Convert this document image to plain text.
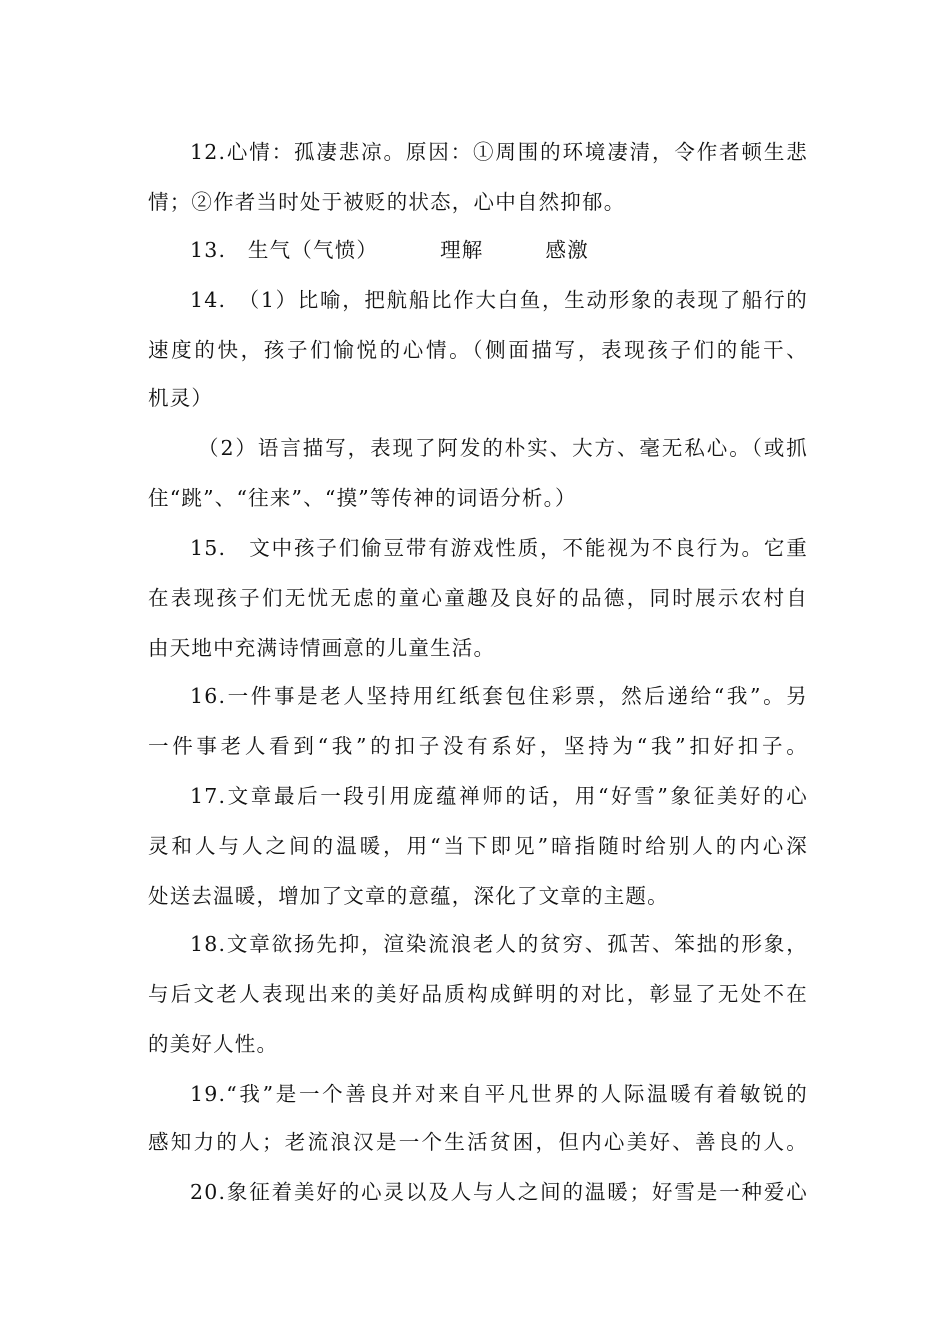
12.心情：孤凄悲凉。原因：①周围的环境凄清，令作者顿生悲
情；②作者当时处于被贬的状态，心中自然抑郁。
13.　生气（气愤）	理解	感激
14.　（1）比喻，把航船比作大白鱼，生动形象的表现了船行的
速度的快，孩子们愉悦的心情。（侧面描写，表现孩子们的能干、
机灵）
（2）语言描写，表现了阿发的朴实、大方、毫无私心。（或抓
住“跳”、“往来”、“摸”等传神的词语分析。）
15.　文中孩子们偷豆带有游戏性质，不能视为不良行为。它重
在表现孩子们无忧无虑的童心童趣及良好的品德，同时展示农村自
由天地中充满诗情画意的儿童生活。
16.一件事是老人坚持用红纸套包住彩票，然后递给“我”。另
一件事老人看到“我”的扣子没有系好，坚持为“我”扣好扣子。
17.文章最后一段引用庞蕴禅师的话，用“好雪”象征美好的心
灵和人与人之间的温暖，用“当下即见”暗指随时给别人的内心深
处送去温暖，增加了文章的意蕴，深化了文章的主题。
18.文章欲扬先抑，渲染流浪老人的贫穷、孤苦、笨拙的形象，
与后文老人表现出来的美好品质构成鲜明的对比，彰显了无处不在
的美好人性。
19.“我”是一个善良并对来自平凡世界的人际温暖有着敏锐的
感知力的人；老流浪汉是一个生活贫困，但内心美好、善良的人。
20.象征着美好的心灵以及人与人之间的温暖；好雪是一种爱心
